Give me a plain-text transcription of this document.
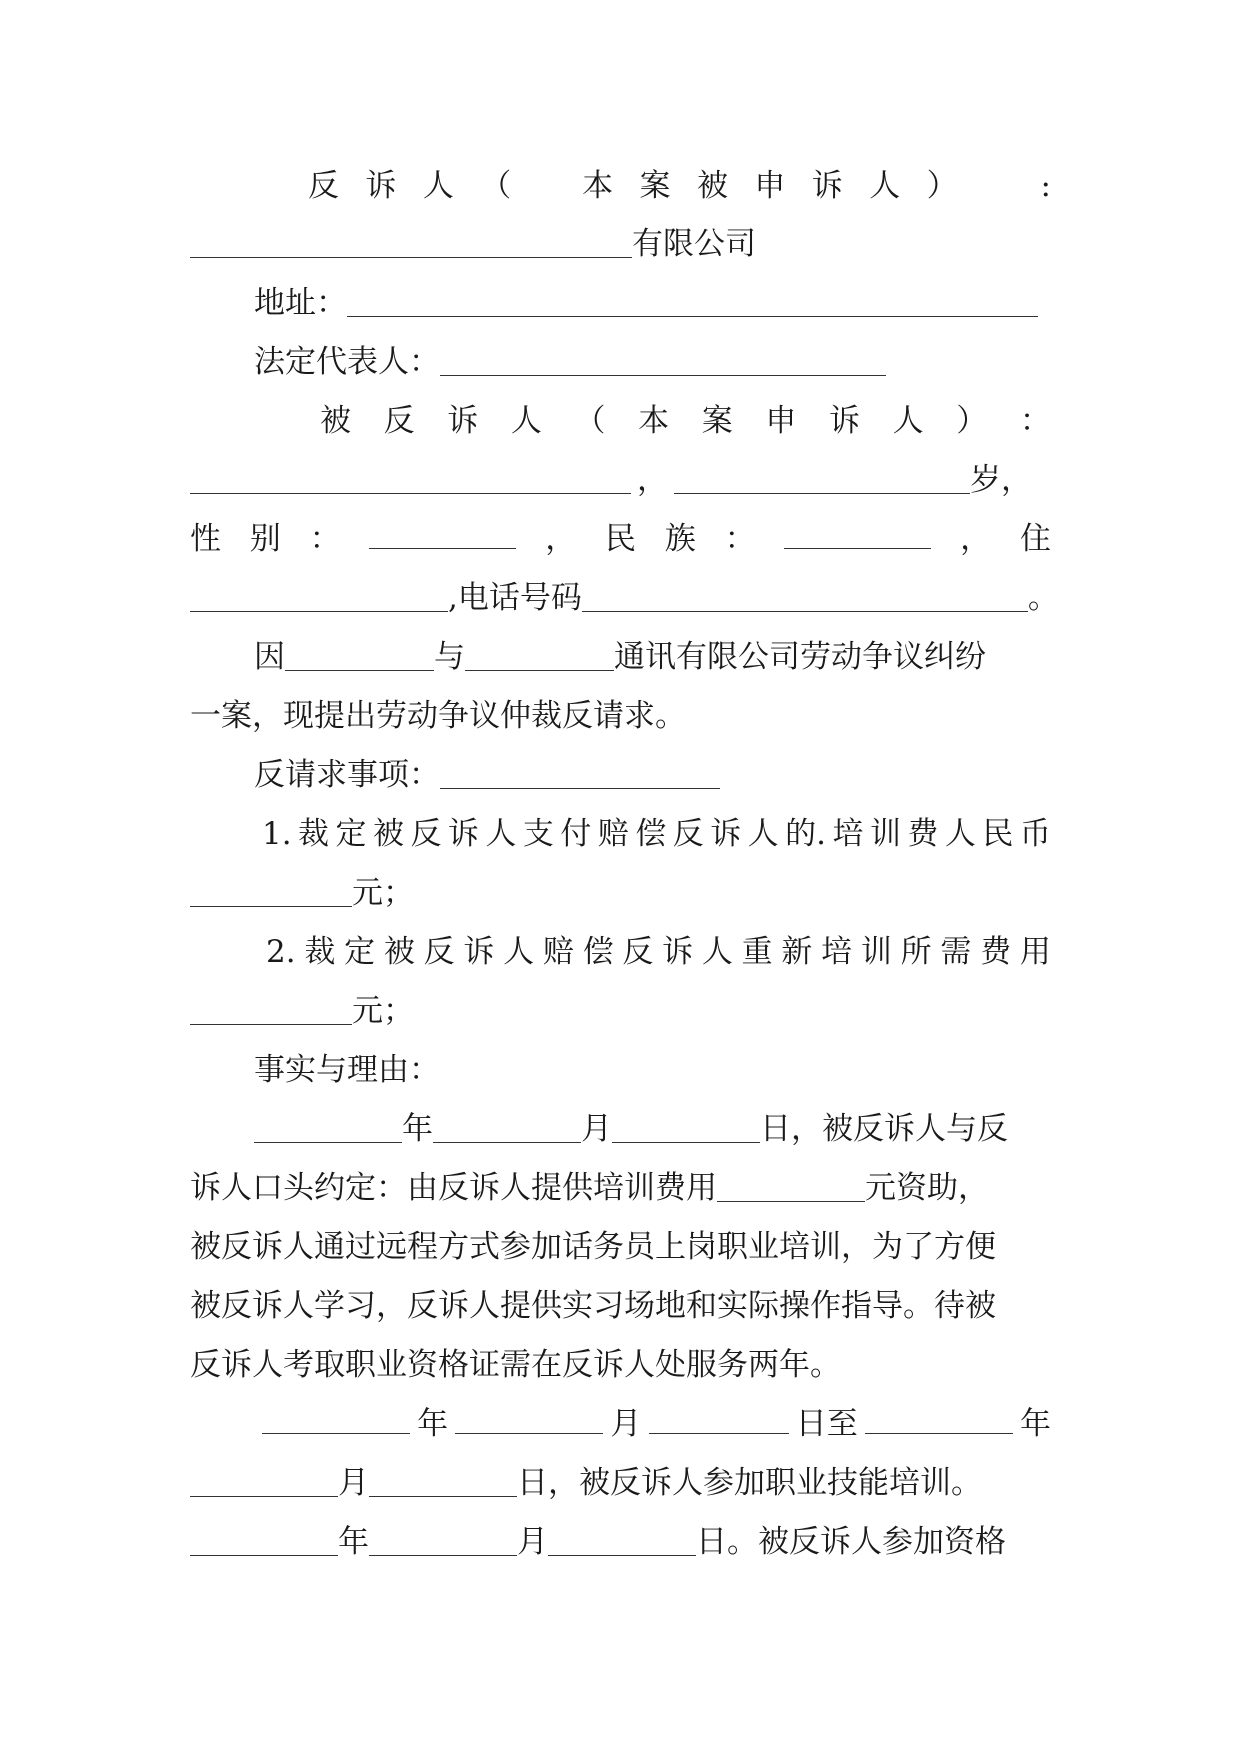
反 诉 人 （ 本 案 被 申 诉 人 ）	:
有限公司
地址：
法定代表人：
被 反 诉 人 （ 本 案 申 诉 人 ） ：
，	岁，
性 别 ：	， 民 族 ：	， 住
,电话号码	。
因	与	通讯有限公司劳动争议纠纷
一案，现提出劳动争议仲裁反请求。
反请求事项：
1. 裁 定 被 反 诉 人 支 付 赔 偿 反 诉 人 的. 培 训 费 人 民 币
元；
2. 裁 定 被 反 诉 人 赔 偿 反 诉 人 重 新 培 训 所 需 费 用
元；
事实与理由：
年	月	日，被反诉人与反
诉人口头约定：由反诉人提供培训费用	元资助，
被反诉人通过远程方式参加话务员上岗职业培训，为了方便
被反诉人学习，反诉人提供实习场地和实际操作指导。待被
反诉人考取职业资格证需在反诉人处服务两年。
年	月	日至	年
月	日，被反诉人参加职业技能培训。
年	月	日。被反诉人参加资格
